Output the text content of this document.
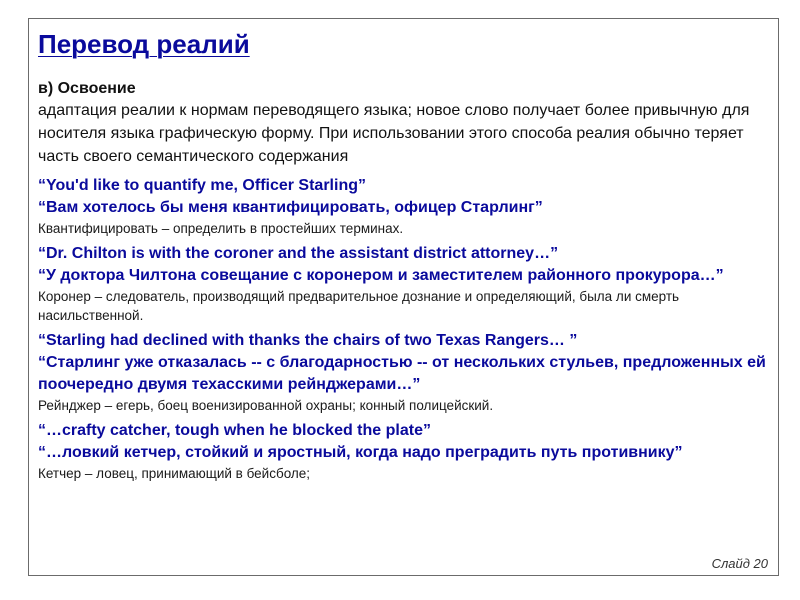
Перевод реалий
в) Освоение
адаптация реалии к нормам переводящего языка; новое слово получает более привычную для носителя языка графическую форму. При использовании этого способа реалия обычно теряет часть своего семантического содержания
“You'd like to quantify me, Officer Starling”
“Вам хотелось бы меня квантифицировать, офицер Старлинг”
Квантифицировать – определить в простейших терминах.
“Dr. Chilton is with the coroner and the assistant district attorney…”
“У доктора Чилтона совещание с коронером и заместителем районного прокурора…”
Коронер – следователь, производящий предварительное дознание и определяющий, была ли смерть насильственной.
“Starling had declined with thanks the chairs of two Texas Rangers… ”
“Старлинг уже отказалась -- с благодарностью -- от нескольких стульев, предложенных ей поочередно двумя техасскими рейнджерами…”
Рейнджер – егерь, боец военизированной охраны; конный полицейский.
“…crafty catcher, tough when he blocked the plate”
“…ловкий кетчер, стойкий и яростный, когда надо преградить путь противнику”
Кетчер – ловец, принимающий в бейсболе;
Слайд 20
